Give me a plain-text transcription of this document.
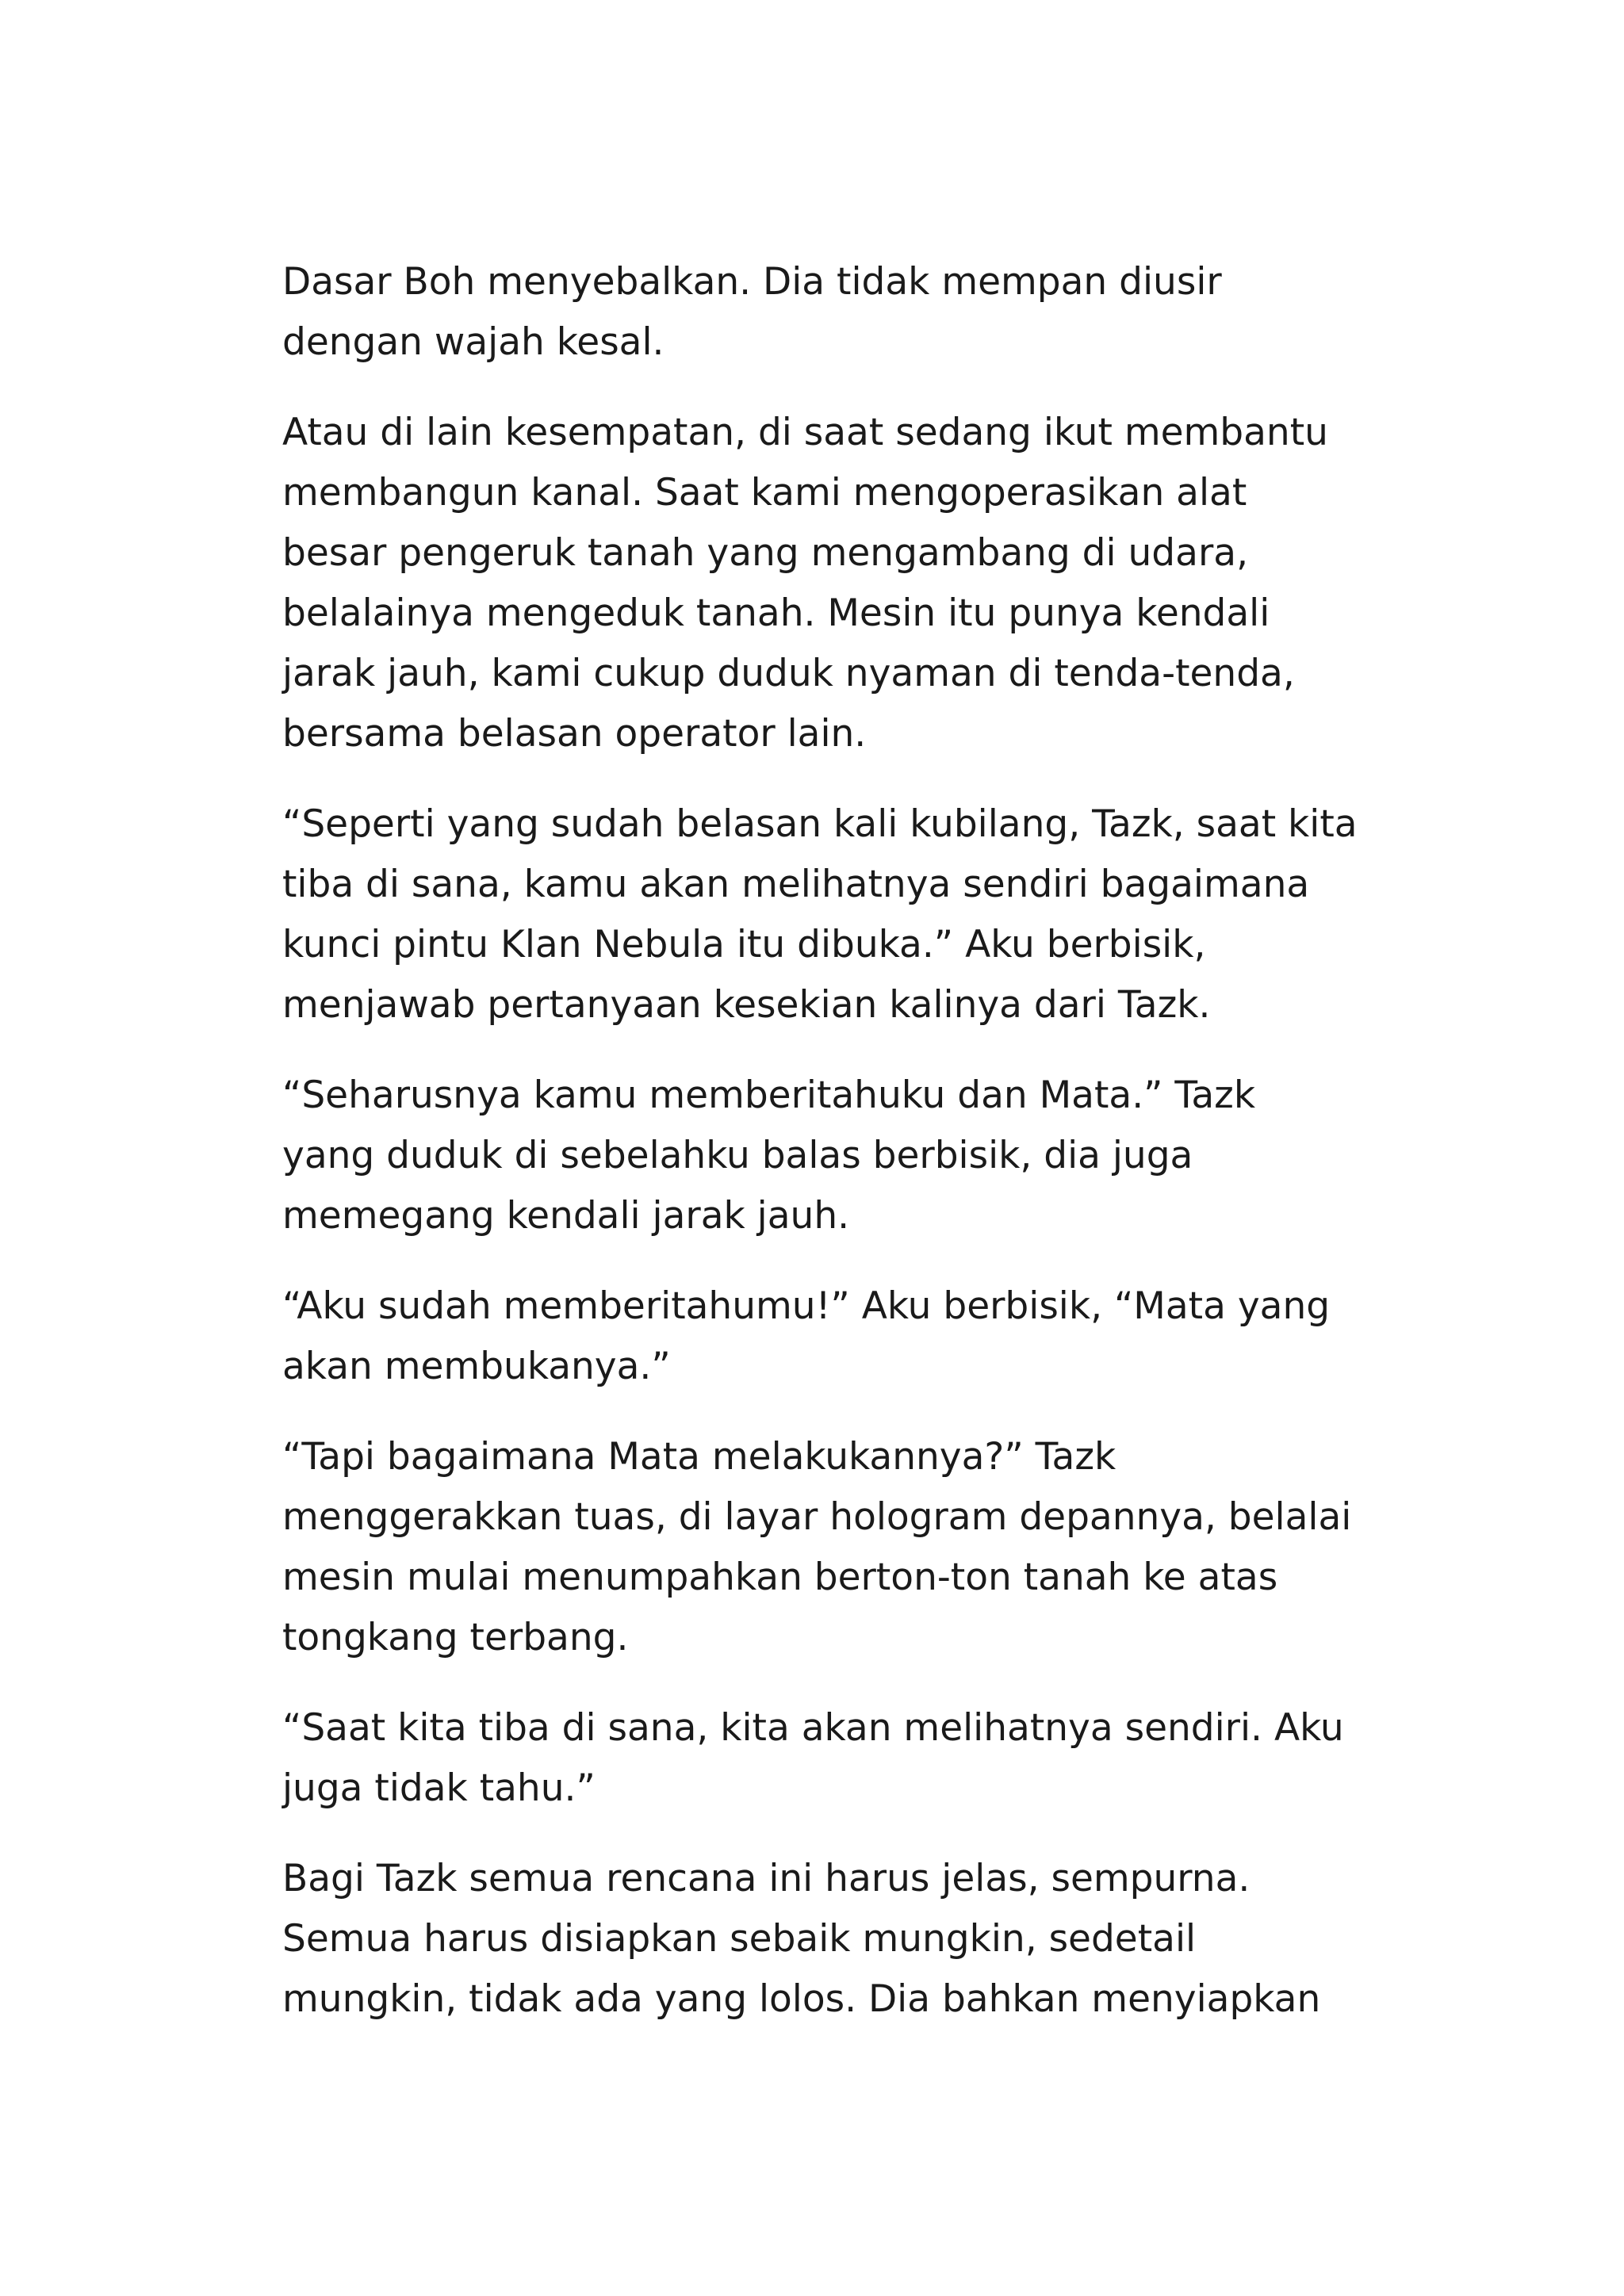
Dasar Boh menyebalkan. Dia tidak mempan diusir
dengan wajah kesal.

Atau di lain kesempatan, di saat sedang ikut membantu
membangun kanal. Saat kami mengoperasikan alat
besar pengeruk tanah yang mengambang di udara,
belalainya mengeduk tanah. Mesin itu punya kendali
jarak jauh, kami cukup duduk nyaman di tenda-tenda,
bersama belasan operator lain.

“Seperti yang sudah belasan kali kubilang, Tazk, saat kita
tiba di sana, kamu akan melihatnya sendiri bagaimana
kunci pintu Klan Nebula itu dibuka.” Aku berbisik,
menjawab pertanyaan kesekian kalinya dari Tazk.

“Seharusnya kamu memberitahuku dan Mata.” Tazk
yang duduk di sebelahku balas berbisik, dia juga
memegang kendali jarak jauh.

“Aku sudah memberitahumu!” Aku berbisik, “Mata yang
akan membukanya.”

“Tapi bagaimana Mata melakukannya?” Tazk
menggerakkan tuas, di layar hologram depannya, belalai
mesin mulai menumpahkan berton-ton tanah ke atas
tongkang terbang.

“Saat kita tiba di sana, kita akan melihatnya sendiri. Aku
juga tidak tahu.”

Bagi Tazk semua rencana ini harus jelas, sempurna.
Semua harus disiapkan sebaik mungkin, sedetail
mungkin, tidak ada yang lolos. Dia bahkan menyiapkan
